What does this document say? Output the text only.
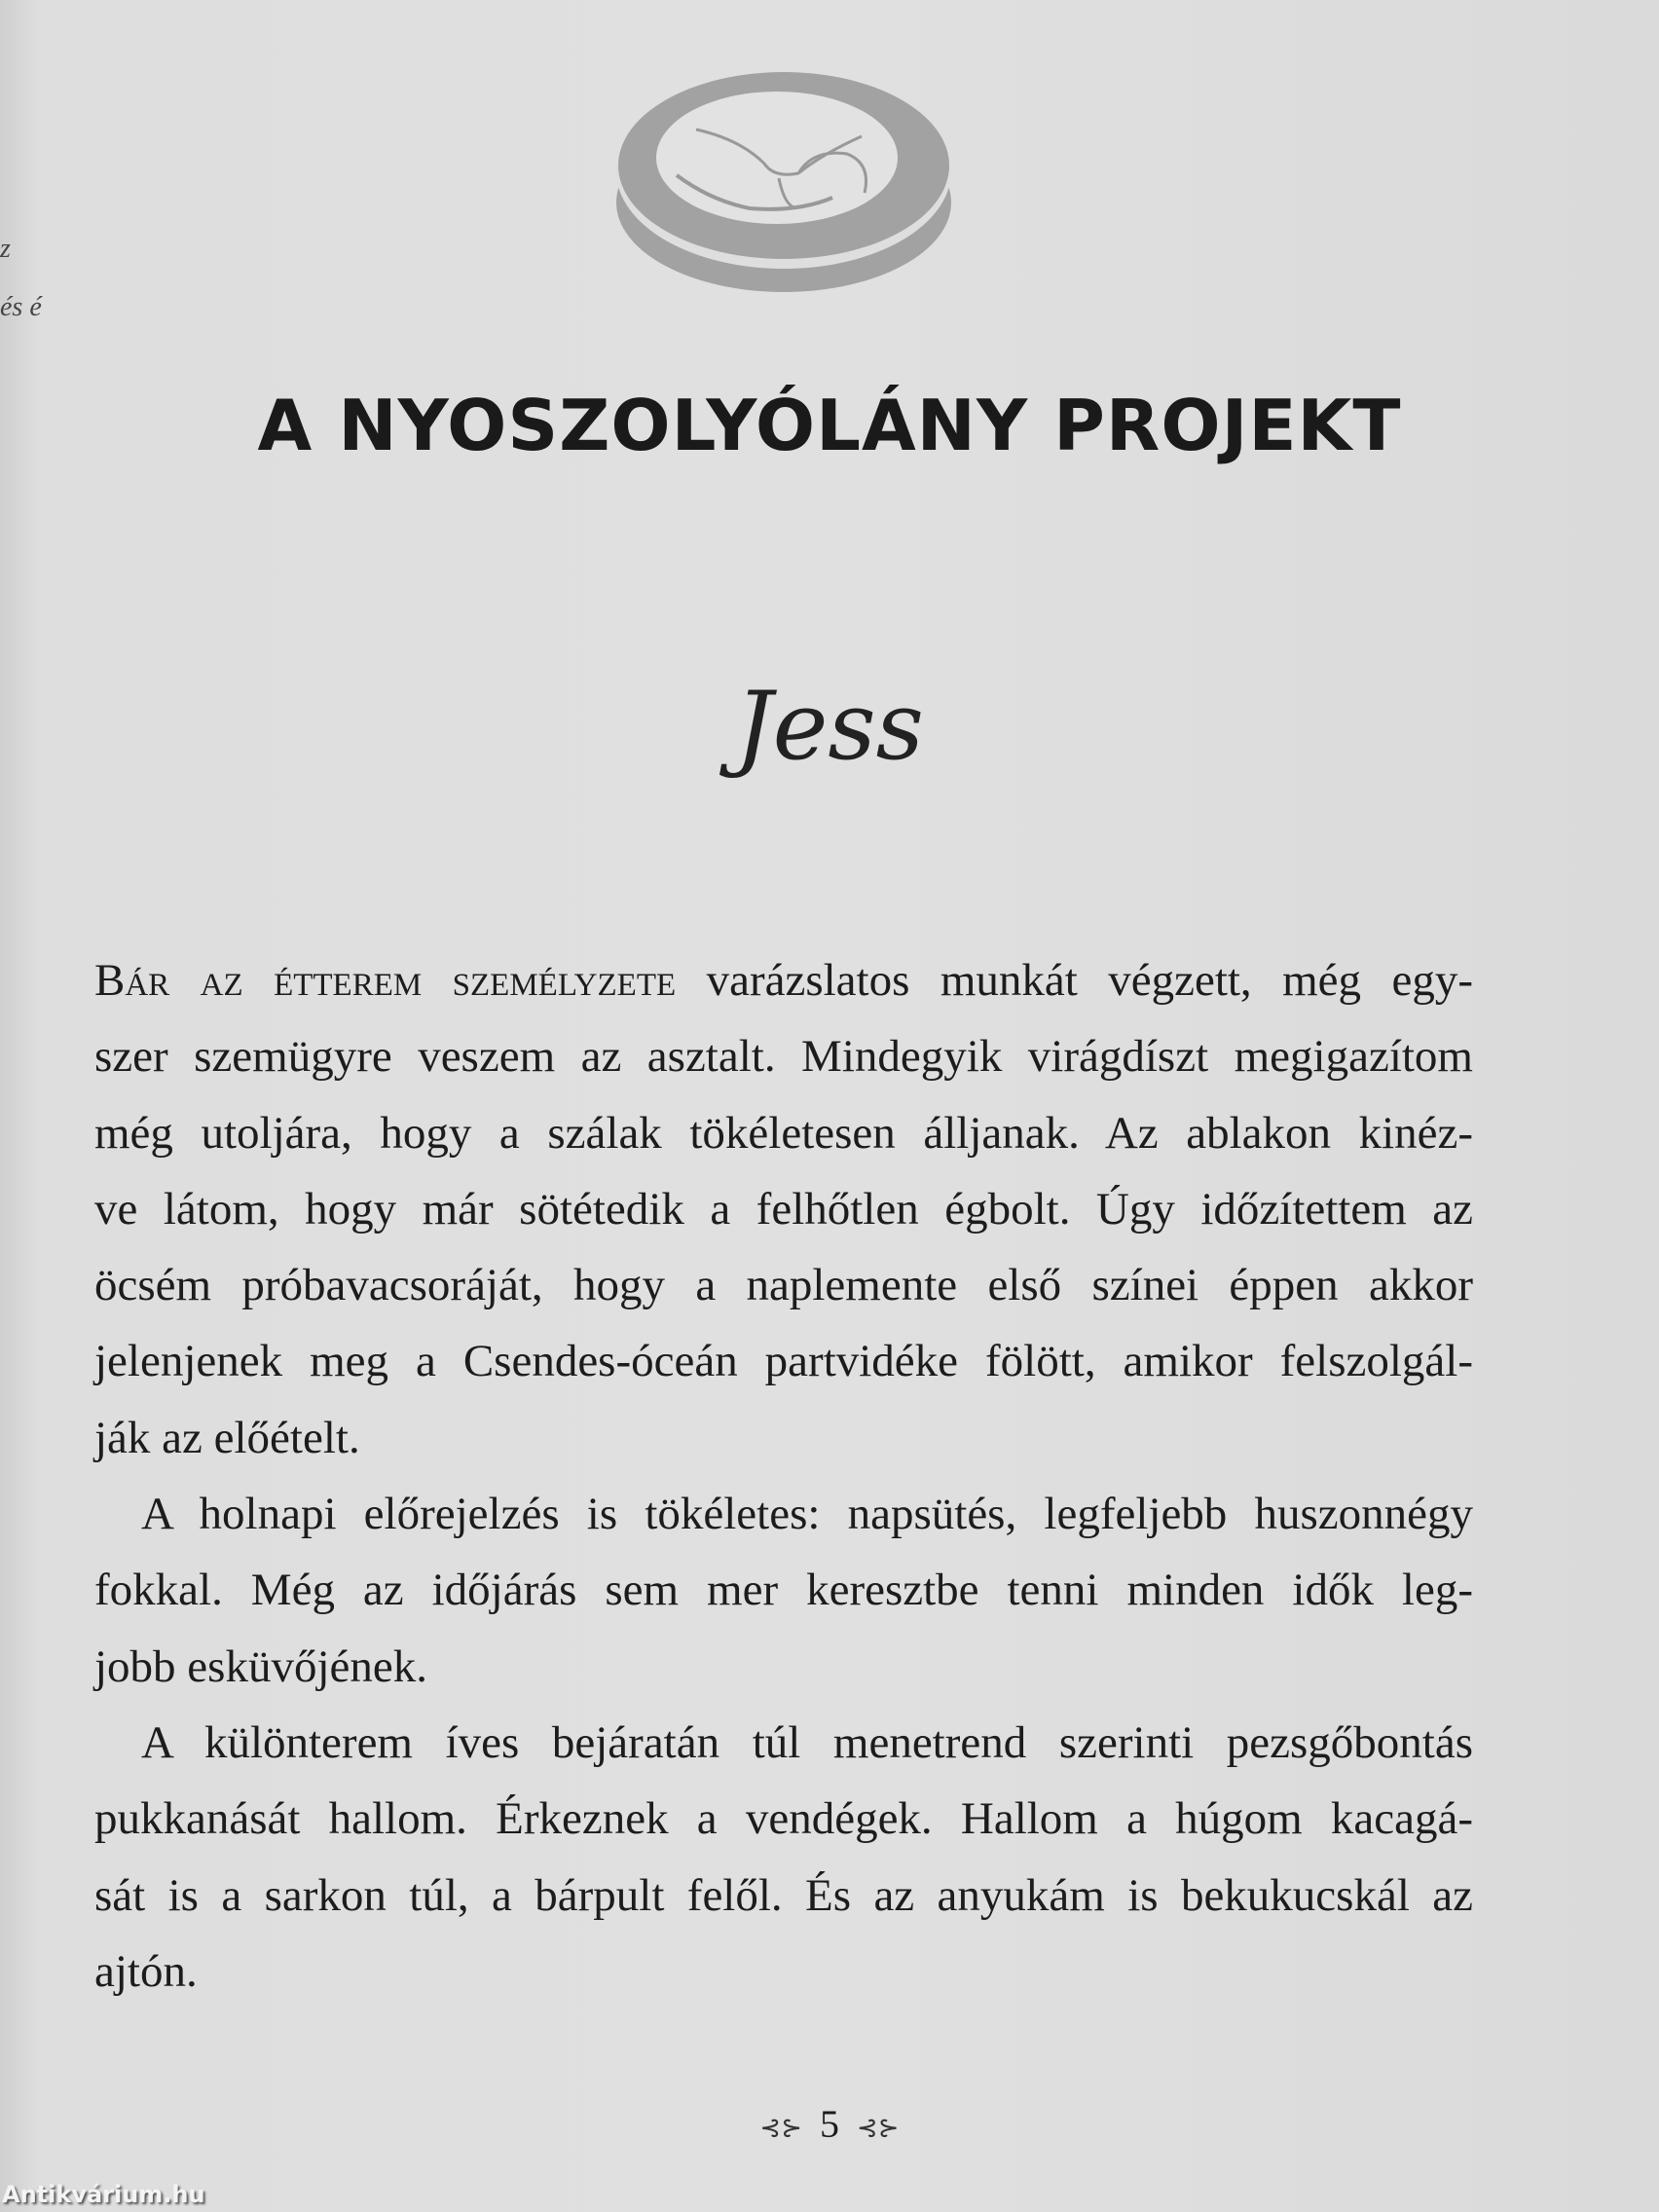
z
és é
A NYOSZOLYÓLÁNY PROJEKT
Jess
Bár az étterem személyzete varázslatos munkát végzett, még egy-
szer szemügyre veszem az asztalt. Mindegyik virágdíszt megigazítom
még utoljára, hogy a szálak tökéletesen álljanak. Az ablakon kinéz-
ve látom, hogy már sötétedik a felhőtlen égbolt. Úgy időzítettem az
öcsém próbavacsoráját, hogy a naplemente első színei éppen akkor
jelenjenek meg a Csendes-óceán partvidéke fölött, amikor felszolgál-
ják az előételt.
A holnapi előrejelzés is tökéletes: napsütés, legfeljebb huszonnégy
fokkal. Még az időjárás sem mer keresztbe tenni minden idők leg-
jobb esküvőjének.
A különterem íves bejáratán túl menetrend szerinti pezsgőbontás
pukkanását hallom. Érkeznek a vendégek. Hallom a húgom kacagá-
sát is a sarkon túl, a bárpult felől. És az anyukám is bekukucskál az
ajtón.
⊰⊱ 5 ⊰⊱
Antikvárium.hu
